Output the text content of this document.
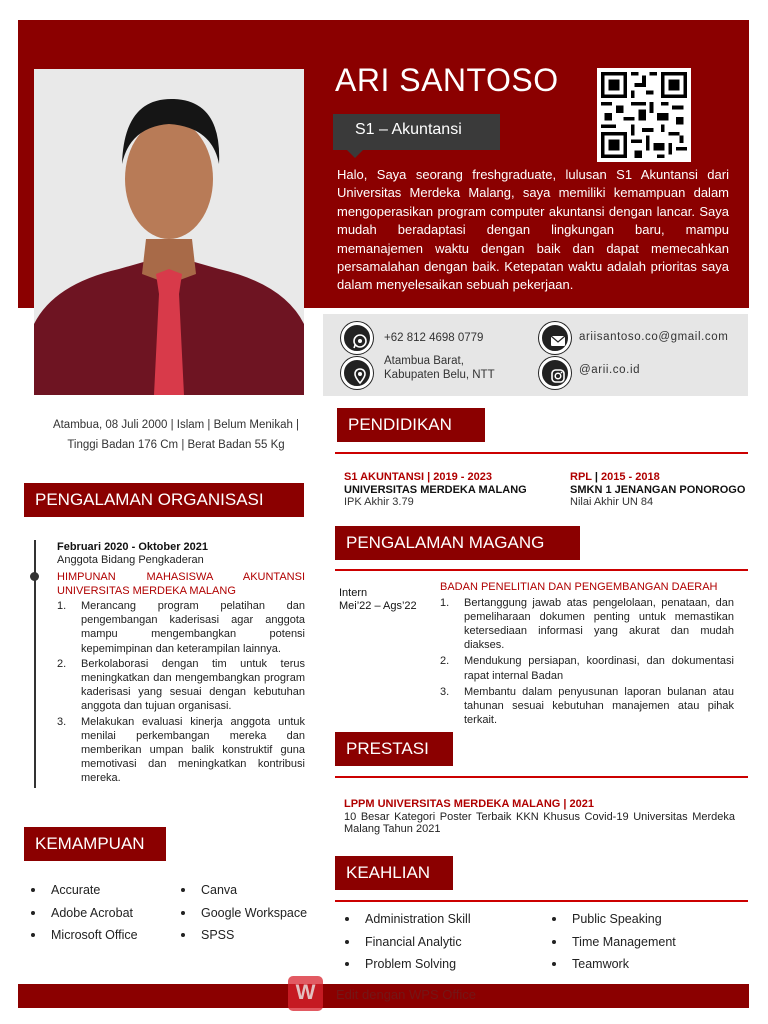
ARI SANTOSO
S1 – Akuntansi
Halo, Saya seorang freshgraduate, lulusan S1 Akuntansi dari Universitas Merdeka Malang, saya memiliki kemampuan dalam mengoperasikan program computer akuntansi dengan lancar. Saya mudah beradaptasi dengan lingkungan baru, mampu memanajemen waktu dengan baik dan dapat memecahkan persamalahan dengan baik. Ketepatan waktu adalah prioritas saya dalam menyelesaikan sebuah pekerjaan.
+62 812 4698 0779
Atambua Barat,
Kabupaten Belu, NTT
ariisantoso.co@gmail.com
@arii.co.id
Atambua, 08 Juli 2000 | Islam | Belum Menikah |
Tinggi Badan 176 Cm | Berat Badan 55 Kg
PENGALAMAN ORGANISASI
Februari 2020 - Oktober 2021
Anggota Bidang Pengkaderan
HIMPUNAN MAHASISWA AKUNTANSI UNIVERSITAS MERDEKA MALANG
1. Merancang program pelatihan dan pengembangan kaderisasi agar anggota mampu mengembangkan potensi kepemimpinan dan keterampilan lainnya.
2. Berkolaborasi dengan tim untuk terus meningkatkan dan mengembangkan program kaderisasi yang sesuai dengan kebutuhan anggota dan tujuan organisasi.
3. Melakukan evaluasi kinerja anggota untuk menilai perkembangan mereka dan memberikan umpan balik konstruktif guna memotivasi dan meningkatkan kontribusi mereka.
KEMAMPUAN
Accurate
Adobe Acrobat
Microsoft Office
Canva
Google Workspace
SPSS
PENDIDIKAN
S1 AKUNTANSI | 2019 - 2023
UNIVERSITAS MERDEKA MALANG
IPK Akhir 3.79
RPL | 2015 - 2018
SMKN 1 JENANGAN PONOROGO
Nilai Akhir UN 84
PENGALAMAN MAGANG
Intern
Mei’22 – Ags’22
BADAN PENELITIAN DAN PENGEMBANGAN DAERAH
1. Bertanggung jawab atas pengelolaan, penataan, dan pemeliharaan dokumen penting untuk memastikan ketersediaan informasi yang akurat dan mudah diakses.
2. Mendukung persiapan, koordinasi, dan dokumentasi rapat internal Badan
3. Membantu dalam penyusunan laporan bulanan atau tahunan sesuai kebutuhan manajemen atau pihak terkait.
PRESTASI
LPPM UNIVERSITAS MERDEKA MALANG | 2021
10 Besar Kategori Poster Terbaik KKN Khusus Covid-19 Universitas Merdeka Malang Tahun 2021
KEAHLIAN
Administration Skill
Financial Analytic
Problem Solving
Public Speaking
Time Management
Teamwork
W	Edit dengan WPS Office
